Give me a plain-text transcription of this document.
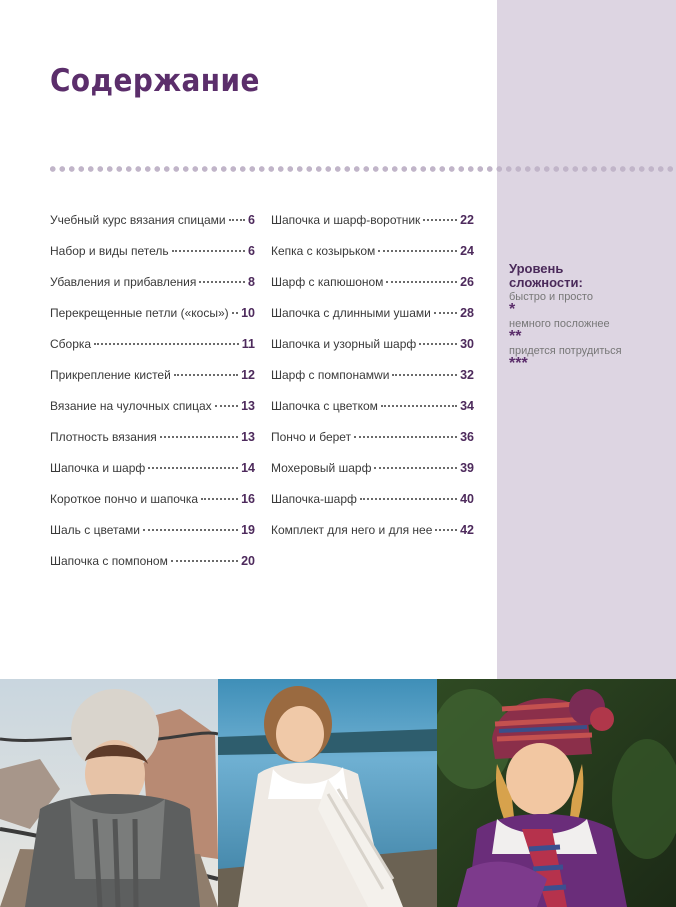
Содержание
Учебный курс вязания спицами 6
Набор и виды петель	6
Убавления и прибавления	8
Перекрещенные петли («косы») 10
Сборка	11
Прикрепление кистей	12
Вязание на чулочных спицах 13
Плотность вязания	13
Шапочка и шарф	14
Короткое пончо и шапочка	16
Шаль с цветами	19
Шапочка с помпоном	20
Шапочка и шарф-воротник	22
Кепка с козырьком	24
Шарф с капюшоном	26
Шапочка с длинными ушами 28
Шапочка и узорный шарф	30
Шарф с помпонамwи	32
Шапочка с цветком	34
Пончо и берет	36
Мохеровый шарф	39
Шапочка-шарф	40
Комплект для него и для нее 42
Уровень
сложности:
быстро и просто
*
немного посложнее
**
придется потрудиться
***
